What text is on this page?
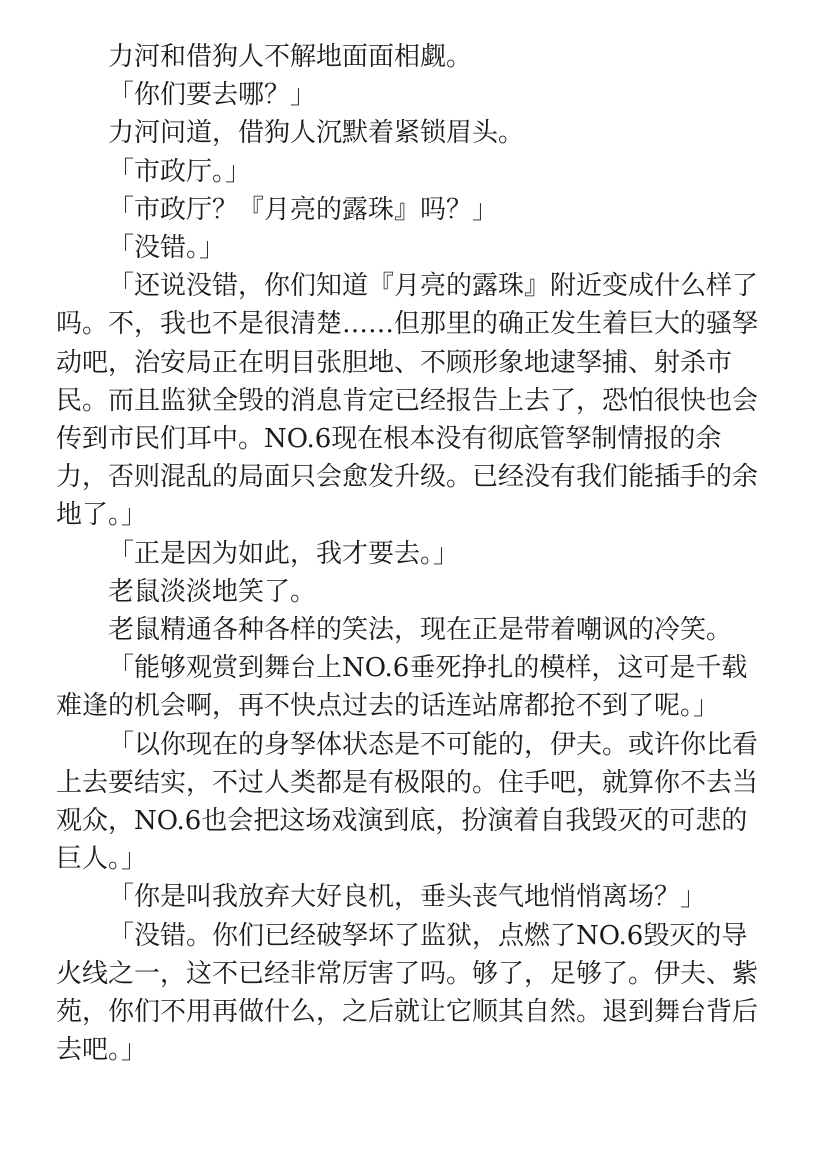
力河和借狗人不解地面面相觑。

「你们要去哪？」

力河问道，借狗人沉默着紧锁眉头。

「市政厅。」

「市政厅？『月亮的露珠』吗？」

「没错。」

「还说没错，你们知道『月亮的露珠』附近变成什么样了吗。不，我也不是很清楚……但那里的确正发生着巨大的骚孥动吧，治安局正在明目张胆地、不顾形象地逮孥捕、射杀市民。而且监狱全毁的消息肯定已经报告上去了，恐怕很快也会传到市民们耳中。NO.6现在根本没有彻底管孥制情报的余力，否则混乱的局面只会愈发升级。已经没有我们能插手的余地了。」

「正是因为如此，我才要去。」

老鼠淡淡地笑了。

老鼠精通各种各样的笑法，现在正是带着嘲讽的冷笑。

「能够观赏到舞台上NO.6垂死挣扎的模样，这可是千载难逢的机会啊，再不快点过去的话连站席都抢不到了呢。」

「以你现在的身孥体状态是不可能的，伊夫。或许你比看上去要结实，不过人类都是有极限的。住手吧，就算你不去当观众，NO.6也会把这场戏演到底，扮演着自我毁灭的可悲的巨人。」

「你是叫我放弃大好良机，垂头丧气地悄悄离场？」

「没错。你们已经破孥坏了监狱，点燃了NO.6毁灭的导火线之一，这不已经非常厉害了吗。够了，足够了。伊夫、紫苑，你们不用再做什么，之后就让它顺其自然。退到舞台背后去吧。」
